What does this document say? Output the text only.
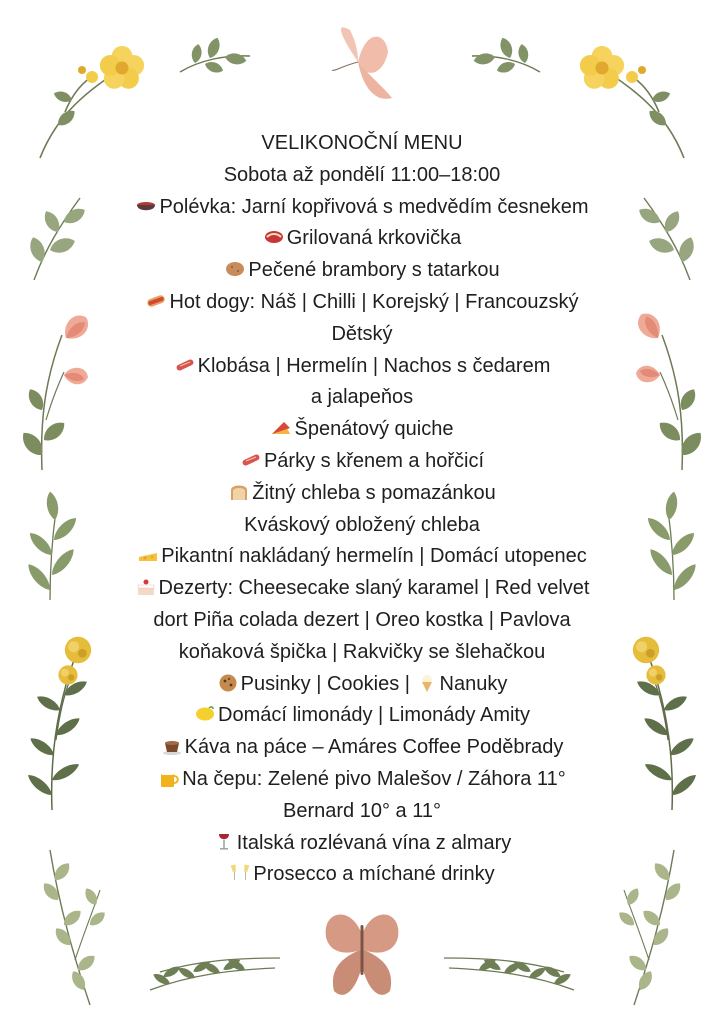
VELIKONOČNÍ MENU
Sobota až pondělí 11:00–18:00
Polévka: Jarní kopřivová s medvědím česnekem
Grilovaná krkovička
Pečené brambory s tatarkou
Hot dogy: Náš | Chilli | Korejský | Francouzský
Dětský
Klobása | Hermelín | Nachos s čedarem
a jalapeňos
Špenátový quiche
Párky s křenem a hořčicí
Žitný chleba s pomazánkou
Kváskový obložený chleba
Pikantní nakládaný hermelín | Domácí utopenec
Dezerty: Cheesecake slaný karamel | Red velvet
dort Piña colada dezert | Oreo kostka | Pavlova
koňaková špička | Rakvičky se šlehačkou
Pusinky | Cookies | Nanuky
Domácí limonády | Limonády Amity
Káva na páce – Amáres Coffee Poděbrady
Na čepu: Zelené pivo Malešov / Záhora 11°
Bernard 10° a 11°
Italská rozlévaná vína z almary
Prosecco a míchané drinky
